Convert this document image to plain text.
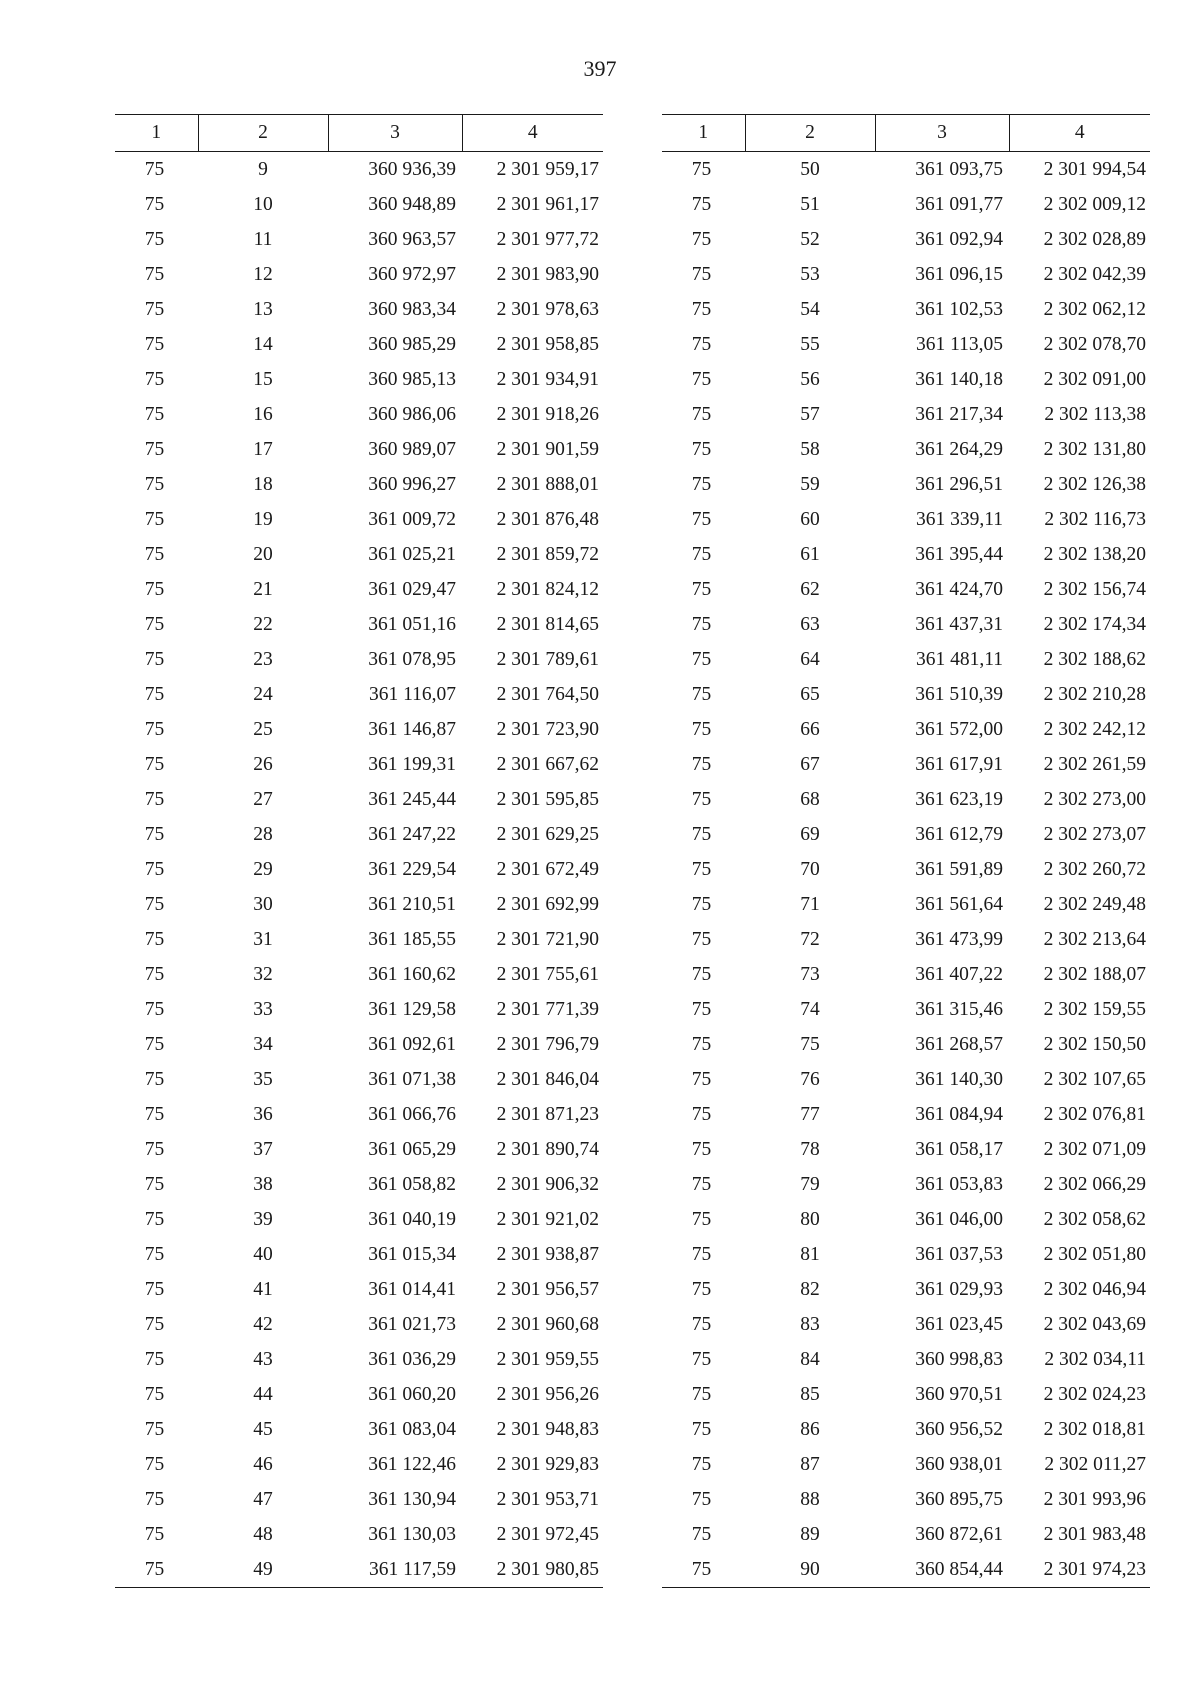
397
1	2	3	4
75	9	360 936,39	2 301 959,17
75	10	360 948,89	2 301 961,17
75	11	360 963,57	2 301 977,72
75	12	360 972,97	2 301 983,90
75	13	360 983,34	2 301 978,63
75	14	360 985,29	2 301 958,85
75	15	360 985,13	2 301 934,91
75	16	360 986,06	2 301 918,26
75	17	360 989,07	2 301 901,59
75	18	360 996,27	2 301 888,01
75	19	361 009,72	2 301 876,48
75	20	361 025,21	2 301 859,72
75	21	361 029,47	2 301 824,12
75	22	361 051,16	2 301 814,65
75	23	361 078,95	2 301 789,61
75	24	361 116,07	2 301 764,50
75	25	361 146,87	2 301 723,90
75	26	361 199,31	2 301 667,62
75	27	361 245,44	2 301 595,85
75	28	361 247,22	2 301 629,25
75	29	361 229,54	2 301 672,49
75	30	361 210,51	2 301 692,99
75	31	361 185,55	2 301 721,90
75	32	361 160,62	2 301 755,61
75	33	361 129,58	2 301 771,39
75	34	361 092,61	2 301 796,79
75	35	361 071,38	2 301 846,04
75	36	361 066,76	2 301 871,23
75	37	361 065,29	2 301 890,74
75	38	361 058,82	2 301 906,32
75	39	361 040,19	2 301 921,02
75	40	361 015,34	2 301 938,87
75	41	361 014,41	2 301 956,57
75	42	361 021,73	2 301 960,68
75	43	361 036,29	2 301 959,55
75	44	361 060,20	2 301 956,26
75	45	361 083,04	2 301 948,83
75	46	361 122,46	2 301 929,83
75	47	361 130,94	2 301 953,71
75	48	361 130,03	2 301 972,45
75	49	361 117,59	2 301 980,85
1	2	3	4
75	50	361 093,75	2 301 994,54
75	51	361 091,77	2 302 009,12
75	52	361 092,94	2 302 028,89
75	53	361 096,15	2 302 042,39
75	54	361 102,53	2 302 062,12
75	55	361 113,05	2 302 078,70
75	56	361 140,18	2 302 091,00
75	57	361 217,34	2 302 113,38
75	58	361 264,29	2 302 131,80
75	59	361 296,51	2 302 126,38
75	60	361 339,11	2 302 116,73
75	61	361 395,44	2 302 138,20
75	62	361 424,70	2 302 156,74
75	63	361 437,31	2 302 174,34
75	64	361 481,11	2 302 188,62
75	65	361 510,39	2 302 210,28
75	66	361 572,00	2 302 242,12
75	67	361 617,91	2 302 261,59
75	68	361 623,19	2 302 273,00
75	69	361 612,79	2 302 273,07
75	70	361 591,89	2 302 260,72
75	71	361 561,64	2 302 249,48
75	72	361 473,99	2 302 213,64
75	73	361 407,22	2 302 188,07
75	74	361 315,46	2 302 159,55
75	75	361 268,57	2 302 150,50
75	76	361 140,30	2 302 107,65
75	77	361 084,94	2 302 076,81
75	78	361 058,17	2 302 071,09
75	79	361 053,83	2 302 066,29
75	80	361 046,00	2 302 058,62
75	81	361 037,53	2 302 051,80
75	82	361 029,93	2 302 046,94
75	83	361 023,45	2 302 043,69
75	84	360 998,83	2 302 034,11
75	85	360 970,51	2 302 024,23
75	86	360 956,52	2 302 018,81
75	87	360 938,01	2 302 011,27
75	88	360 895,75	2 301 993,96
75	89	360 872,61	2 301 983,48
75	90	360 854,44	2 301 974,23
